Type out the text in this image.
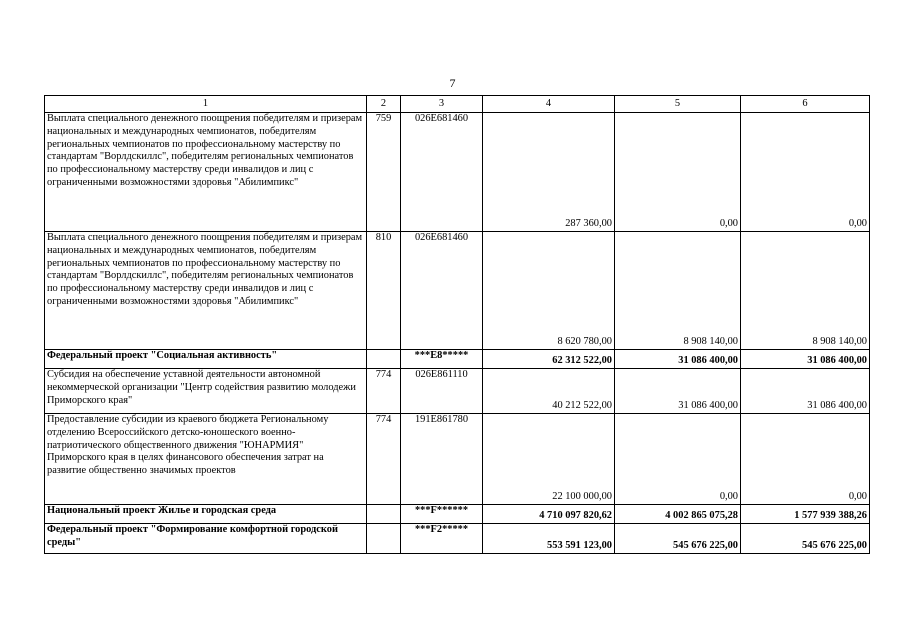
7
1	2	3	4	5	6
Выплата специального денежного поощрения победителям и призерам национальных и международных чемпионатов, победителям региональных чемпионатов по профессиональному мастерству по стандартам "Ворлдскиллс", победителям региональных чемпионатов по профессиональному мастерству среди инвалидов и лиц с ограниченными возможностями здоровья "Абилимпикс"	759	026E681460	287 360,00	0,00	0,00
Выплата специального денежного поощрения победителям и призерам национальных и международных чемпионатов, победителям региональных чемпионатов по профессиональному мастерству по стандартам "Ворлдскиллс", победителям региональных чемпионатов по профессиональному мастерству среди инвалидов и лиц с ограниченными возможностями здоровья "Абилимпикс"	810	026E681460	8 620 780,00	8 908 140,00	8 908 140,00
Федеральный проект "Социальная активность"		***E8*****	62 312 522,00	31 086 400,00	31 086 400,00
Субсидия на обеспечение уставной деятельности автономной некоммерческой организации "Центр содействия развитию молодежи Приморского края"	774	026E861110	40 212 522,00	31 086 400,00	31 086 400,00
Предоставление субсидии из краевого бюджета Региональному отделению Всероссийского детско-юношеского военно-патриотического общественного движения "ЮНАРМИЯ" Приморского края в целях финансового обеспечения затрат на развитие общественно значимых проектов	774	191E861780	22 100 000,00	0,00	0,00
Национальный проект Жилье и городская среда		***F******	4 710 097 820,62	4 002 865 075,28	1 577 939 388,26
Федеральный проект "Формирование комфортной городской среды"		***F2*****	553 591 123,00	545 676 225,00	545 676 225,00
